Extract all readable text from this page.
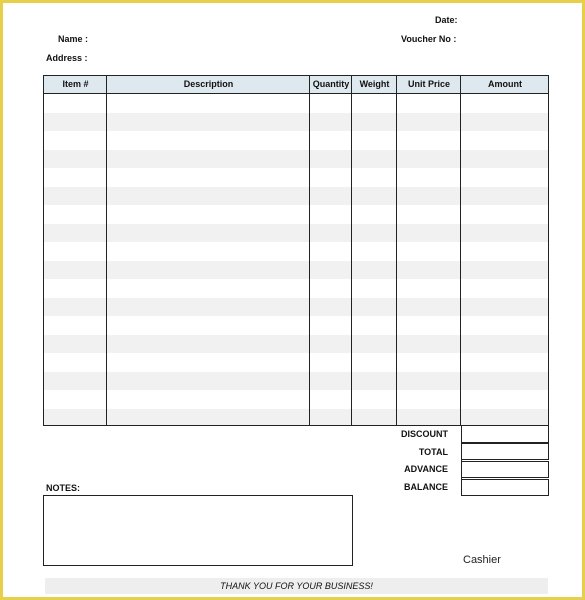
Date:
Name :	Voucher No :
Address :
Item #	Description	Quantity	Weight	Unit Price	Amount
DISCOUNT
TOTAL
ADVANCE
BALANCE
NOTES:
Cashier
THANK YOU FOR YOUR BUSINESS!
